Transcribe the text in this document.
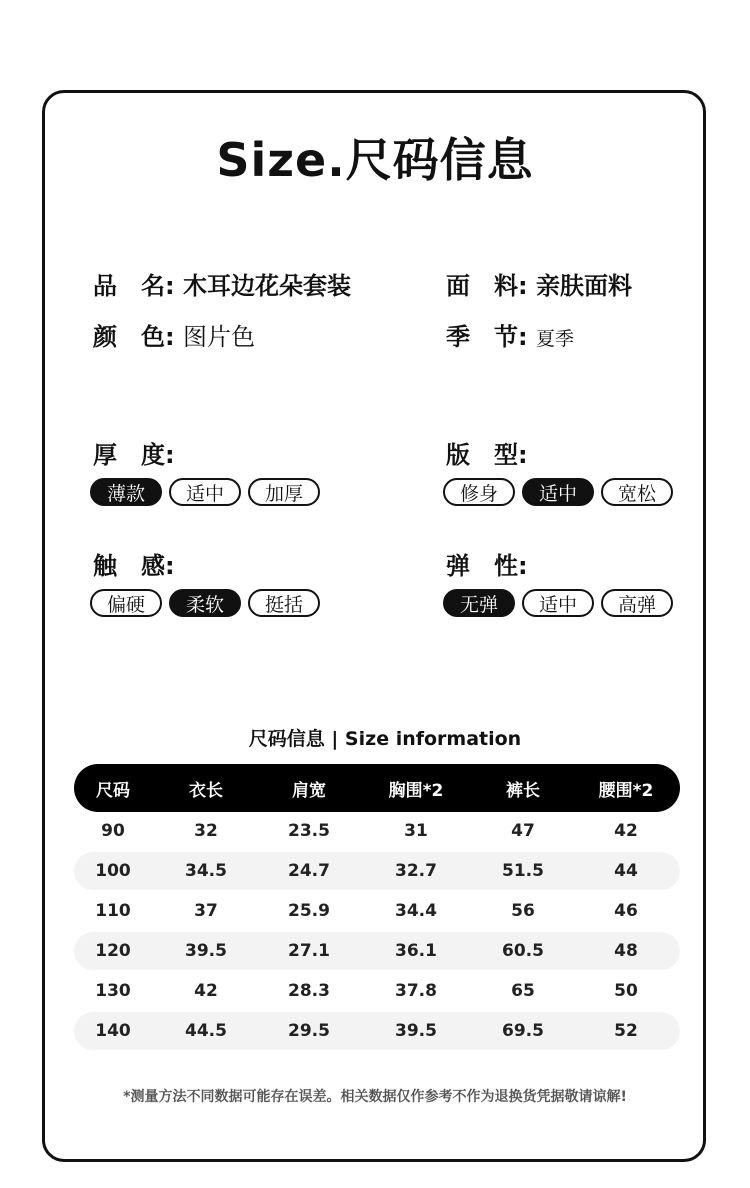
Size.尺码信息
品　名: 木耳边花朵套装	面　料: 亲肤面料
颜　色: 图片色	季　节: 夏季
厚　度:
薄款	适中	加厚
版　型:
修身	适中	宽松
触　感:
偏硬	柔软	挺括
弹　性:
无弹	适中	高弹
尺码信息 | Size information
尺码	衣长	肩宽	胸围*2	裤长	腰围*2
90	32	23.5	31	47	42
100	34.5	24.7	32.7	51.5	44
110	37	25.9	34.4	56	46
120	39.5	27.1	36.1	60.5	48
130	42	28.3	37.8	65	50
140	44.5	29.5	39.5	69.5	52
*测量方法不同数据可能存在误差。相关数据仅作参考不作为退换货凭据敬请谅解!
